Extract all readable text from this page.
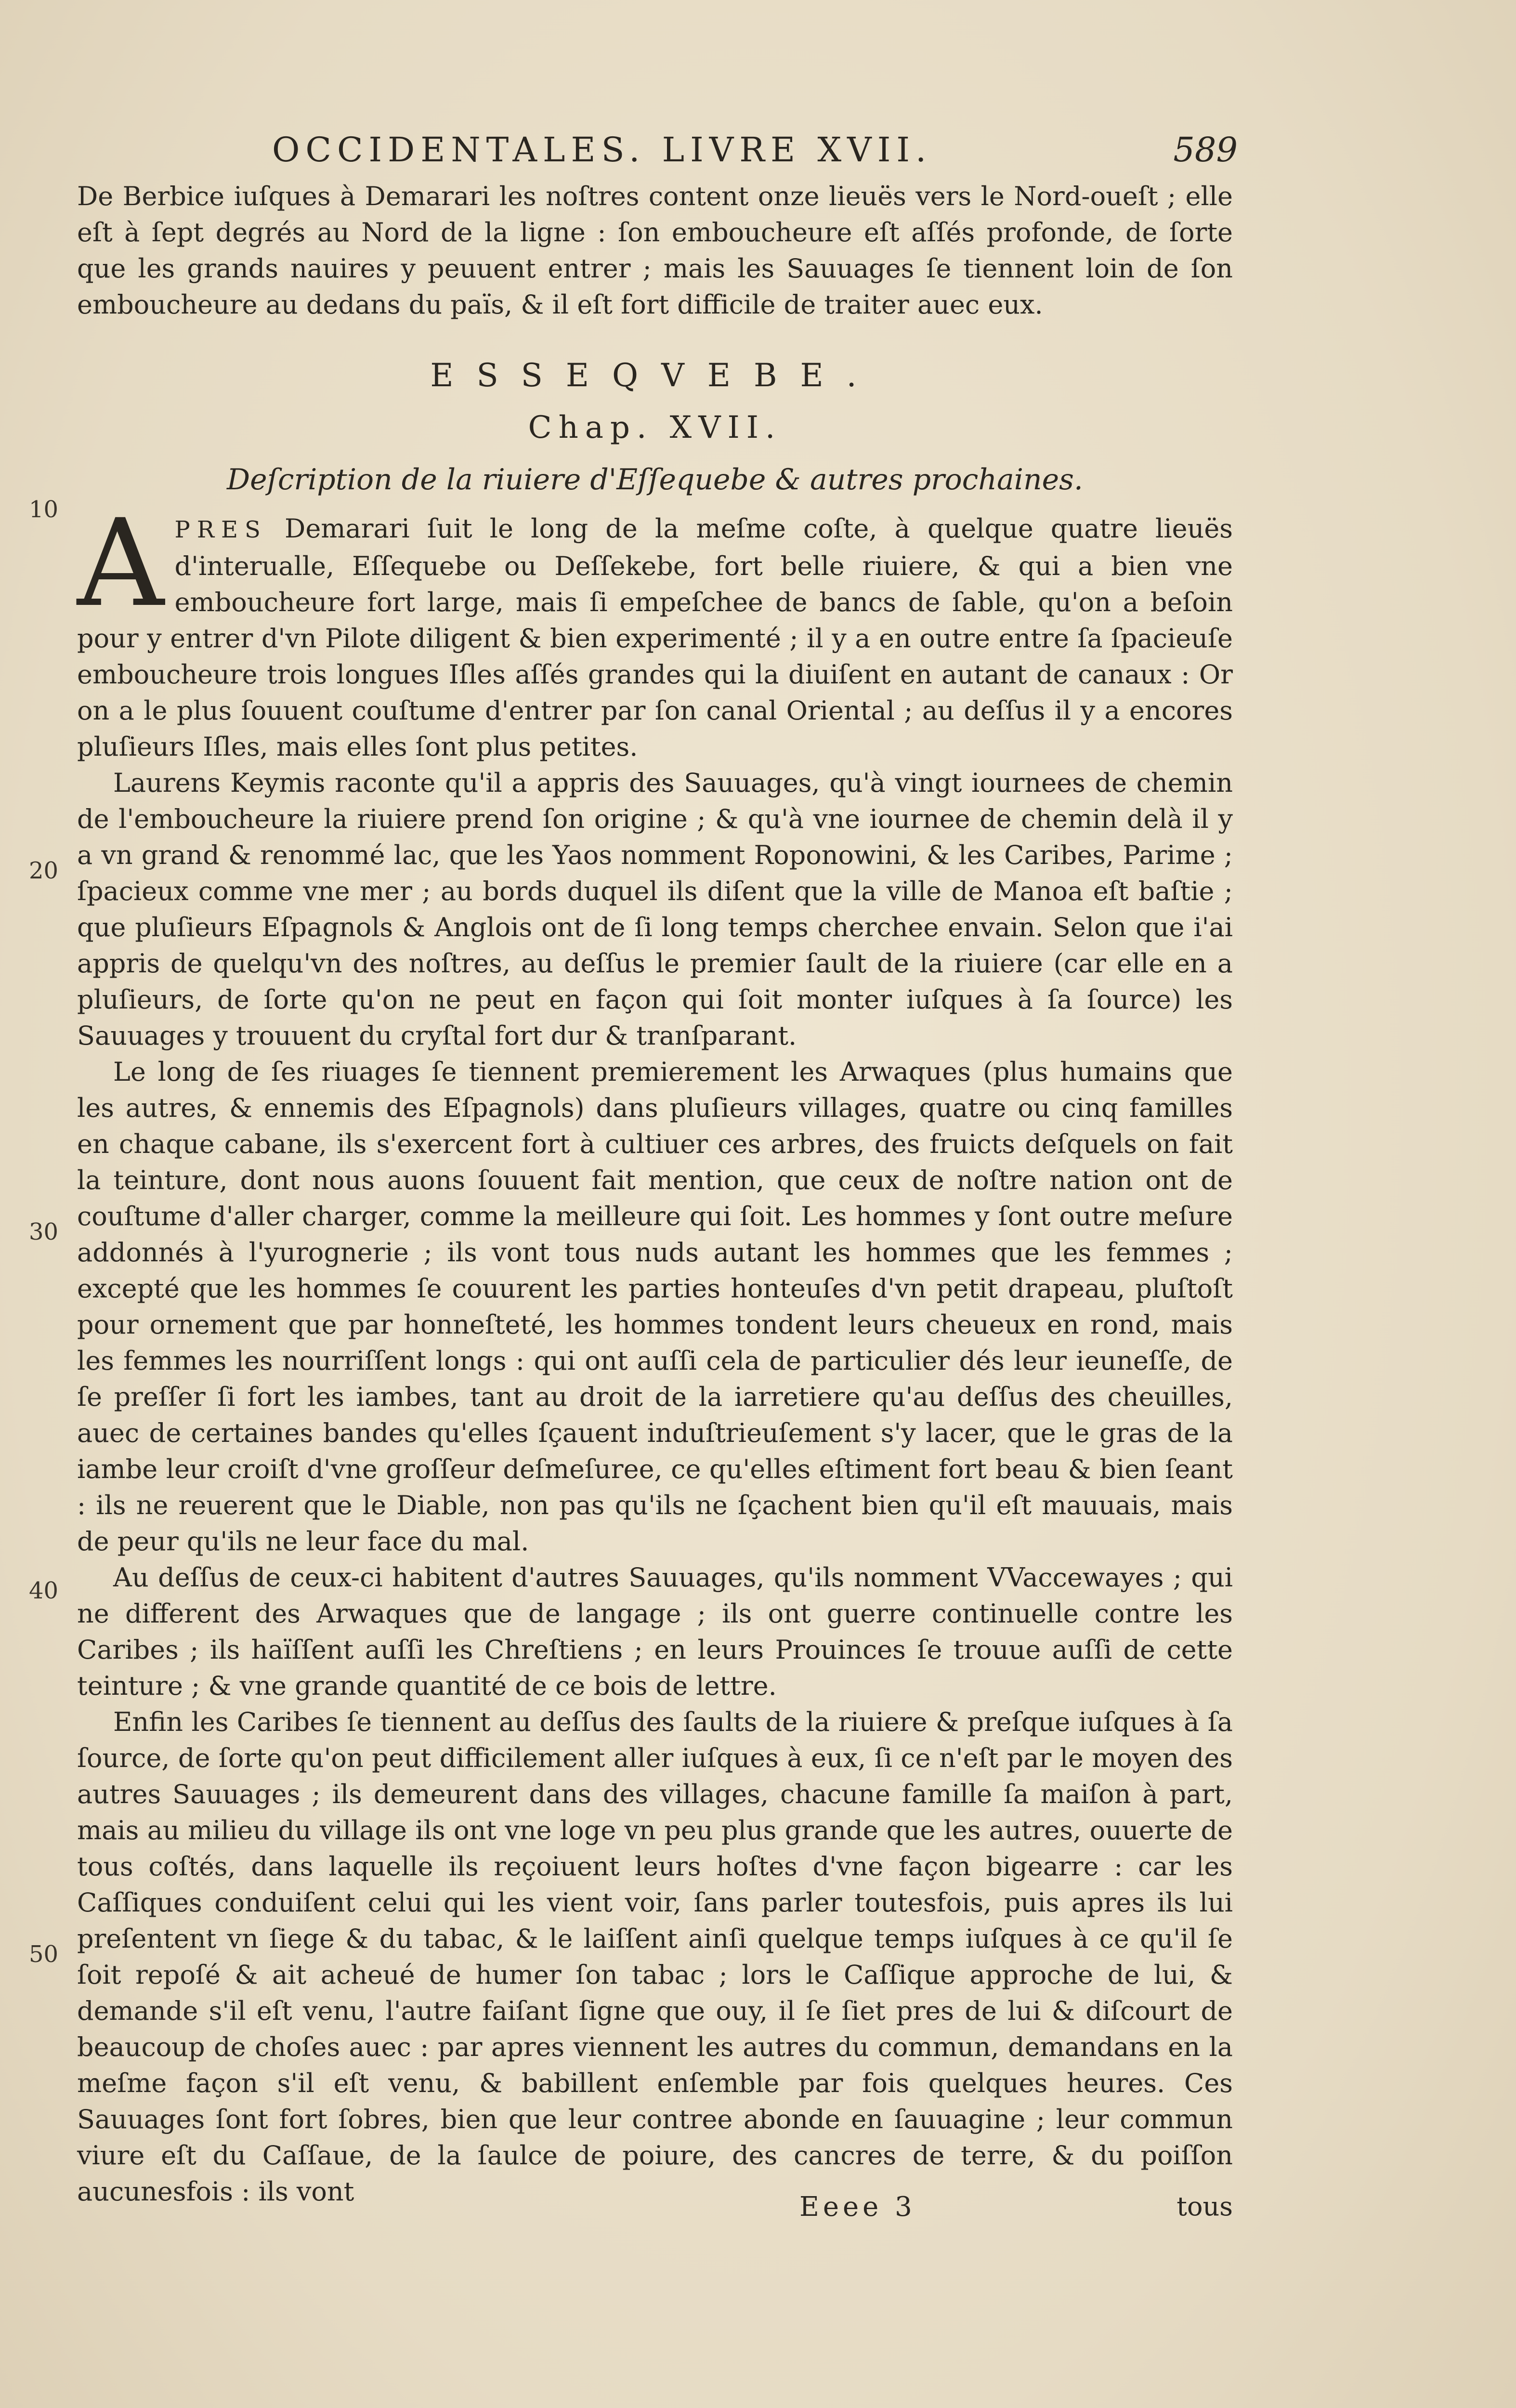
OCCIDENTALES. LIVRE XVII.	589
10
20
30
40
50

De Berbice iuſques à Demarari les noſtres content onze lieuës vers le Nord-oueſt ; elle eſt à ſept degrés au Nord de la ligne : ſon emboucheure eſt aſſés profonde, de ſorte que les grands nauires y peuuent entrer ; mais les Sauuages ſe tiennent loin de ſon emboucheure au dedans du païs, & il eſt fort difficile de traiter auec eux.

ESSEQVEBE.
Chap. XVII.
Deſcription de la riuiere d'Eſſequebe & autres prochaines.

APRES Demarari ſuit le long de la meſme coſte, à quelque quatre lieuës d'interualle, Eſſequebe ou Deſſekebe, fort belle riuiere, & qui a bien vne emboucheure fort large, mais ſi empeſchee de bancs de ſable, qu'on a beſoin pour y entrer d'vn Pilote diligent & bien experimenté ; il y a en outre entre ſa ſpacieuſe emboucheure trois longues Iſles aſſés grandes qui la diuiſent en autant de canaux : Or on a le plus ſouuent couſtume d'entrer par ſon canal Oriental ; au deſſus il y a encores pluſieurs Iſles, mais elles ſont plus petites.

Laurens Keymis raconte qu'il a appris des Sauuages, qu'à vingt iournees de chemin de l'emboucheure la riuiere prend ſon origine ; & qu'à vne iournee de chemin delà il y a vn grand & renommé lac, que les Yaos nomment Roponowini, & les Caribes, Parime ; ſpacieux comme vne mer ; au bords duquel ils diſent que la ville de Manoa eſt baſtie ; que pluſieurs Eſpagnols & Anglois ont de ſi long temps cherchee envain. Selon que i'ai appris de quelqu'vn des noſtres, au deſſus le premier ſault de la riuiere (car elle en a pluſieurs, de ſorte qu'on ne peut en façon qui ſoit monter iuſques à ſa ſource) les Sauuages y trouuent du cryſtal fort dur & tranſparant.

Le long de ſes riuages ſe tiennent premierement les Arwaques (plus humains que les autres, & ennemis des Eſpagnols) dans pluſieurs villages, quatre ou cinq familles en chaque cabane, ils s'exercent fort à cultiuer ces arbres, des fruicts deſquels on fait la teinture, dont nous auons ſouuent fait mention, que ceux de noſtre nation ont de couſtume d'aller charger, comme la meilleure qui ſoit. Les hommes y ſont outre meſure addonnés à l'yurognerie ; ils vont tous nuds autant les hommes que les femmes ; excepté que les hommes ſe couurent les parties honteuſes d'vn petit drapeau, pluſtoſt pour ornement que par honneſteté, les hommes tondent leurs cheueux en rond, mais les femmes les nourriſſent longs : qui ont auſſi cela de particulier dés leur ieuneſſe, de ſe preſſer ſi fort les iambes, tant au droit de la iarretiere qu'au deſſus des cheuilles, auec de certaines bandes qu'elles ſçauent induſtrieuſement s'y lacer, que le gras de la iambe leur croiſt d'vne groſſeur deſmeſuree, ce qu'elles eſtiment fort beau & bien ſeant : ils ne reuerent que le Diable, non pas qu'ils ne ſçachent bien qu'il eſt mauuais, mais de peur qu'ils ne leur face du mal.

Au deſſus de ceux-ci habitent d'autres Sauuages, qu'ils nomment VVaccewayes ; qui ne different des Arwaques que de langage ; ils ont guerre continuelle contre les Caribes ; ils haïſſent auſſi les Chreſtiens ; en leurs Prouinces ſe trouue auſſi de cette teinture ; & vne grande quantité de ce bois de lettre.

Enfin les Caribes ſe tiennent au deſſus des ſaults de la riuiere & preſque iuſques à ſa ſource, de ſorte qu'on peut difficilement aller iuſques à eux, ſi ce n'eſt par le moyen des autres Sauuages ; ils demeurent dans des villages, chacune famille ſa maiſon à part, mais au milieu du village ils ont vne loge vn peu plus grande que les autres, ouuerte de tous coſtés, dans laquelle ils reçoiuent leurs hoſtes d'vne façon bigearre : car les Caſſiques conduiſent celui qui les vient voir, ſans parler toutesfois, puis apres ils lui preſentent vn ſiege & du tabac, & le laiſſent ainſi quelque temps iuſques à ce qu'il ſe ſoit repoſé & ait acheué de humer ſon tabac ; lors le Caſſique approche de lui, & demande s'il eſt venu, l'autre faiſant ſigne que ouy, il ſe ſiet pres de lui & diſcourt de beaucoup de choſes auec : par apres viennent les autres du commun, demandans en la meſme façon s'il eſt venu, & babillent enſemble par fois quelques heures. Ces Sauuages ſont fort ſobres, bien que leur contree abonde en ſauuagine ; leur commun viure eſt du Caſſaue, de la ſaulce de poiure, des cancres de terre, & du poiſſon aucunesfois : ils vont	Eeee 3	tous
